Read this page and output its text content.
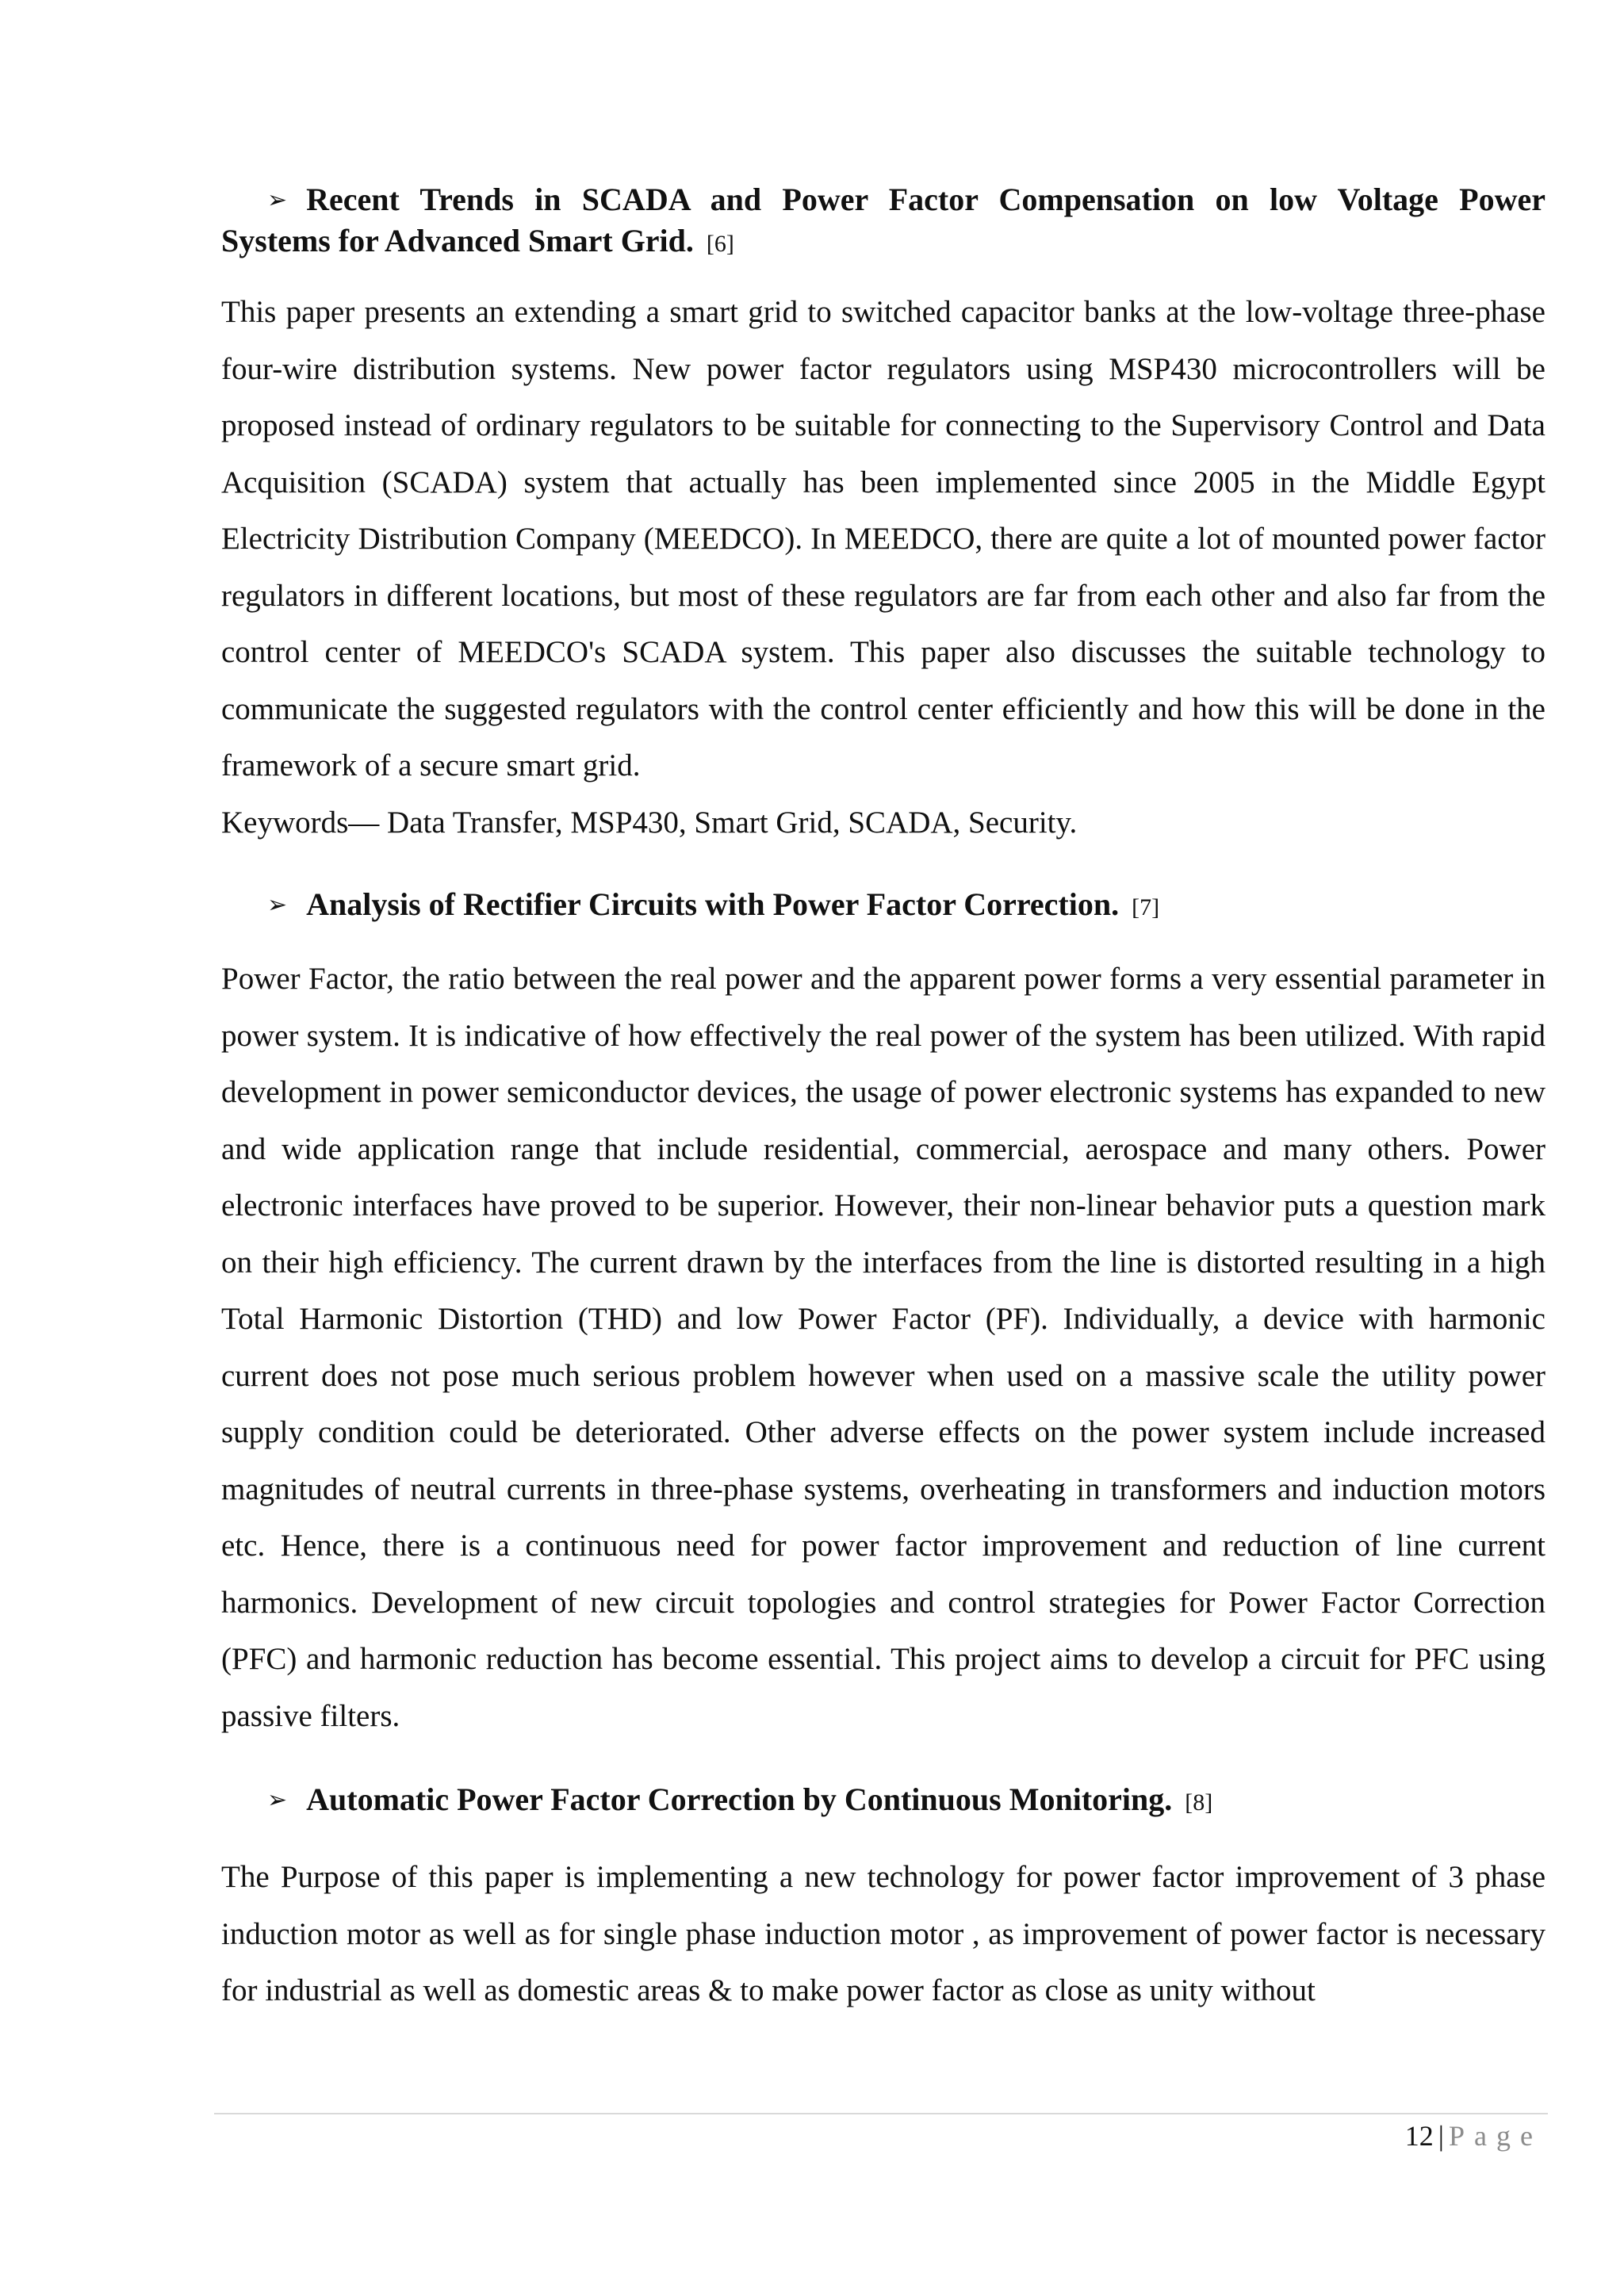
➢ Recent Trends in SCADA and Power Factor Compensation on low Voltage Power
Systems for Advanced Smart Grid. [6]

This paper presents an extending a smart grid to switched capacitor banks at the low-voltage three-phase four-wire distribution systems. New power factor regulators using MSP430 microcontrollers will be proposed instead of ordinary regulators to be suitable for connecting to the Supervisory Control and Data Acquisition (SCADA) system that actually has been implemented since 2005 in the Middle Egypt Electricity Distribution Company (MEEDCO). In MEEDCO, there are quite a lot of mounted power factor regulators in different locations, but most of these regulators are far from each other and also far from the control center of MEEDCO's SCADA system. This paper also discusses the suitable technology to communicate the suggested regulators with the control center efficiently and how this will be done in the framework of a secure smart grid.

Keywords— Data Transfer, MSP430, Smart Grid, SCADA, Security.

➢ Analysis of Rectifier Circuits with Power Factor Correction. [7]

Power Factor, the ratio between the real power and the apparent power forms a very essential parameter in power system. It is indicative of how effectively the real power of the system has been utilized. With rapid development in power semiconductor devices, the usage of power electronic systems has expanded to new and wide application range that include residential, commercial, aerospace and many others. Power electronic interfaces have proved to be superior. However, their non-linear behavior puts a question mark on their high efficiency. The current drawn by the interfaces from the line is distorted resulting in a high Total Harmonic Distortion (THD) and low Power Factor (PF). Individually, a device with harmonic current does not pose much serious problem however when used on a massive scale the utility power supply condition could be deteriorated. Other adverse effects on the power system include increased magnitudes of neutral currents in three-phase systems, overheating in transformers and induction motors etc. Hence, there is a continuous need for power factor improvement and reduction of line current harmonics. Development of new circuit topologies and control strategies for Power Factor Correction (PFC) and harmonic reduction has become essential. This project aims to develop a circuit for PFC using passive filters.

➢ Automatic Power Factor Correction by Continuous Monitoring. [8]

The Purpose of this paper is implementing a new technology for power factor improvement of 3 phase induction motor as well as for single phase induction motor , as improvement of power factor is necessary for industrial as well as domestic areas & to make power factor as close as unity without

12 | Page
